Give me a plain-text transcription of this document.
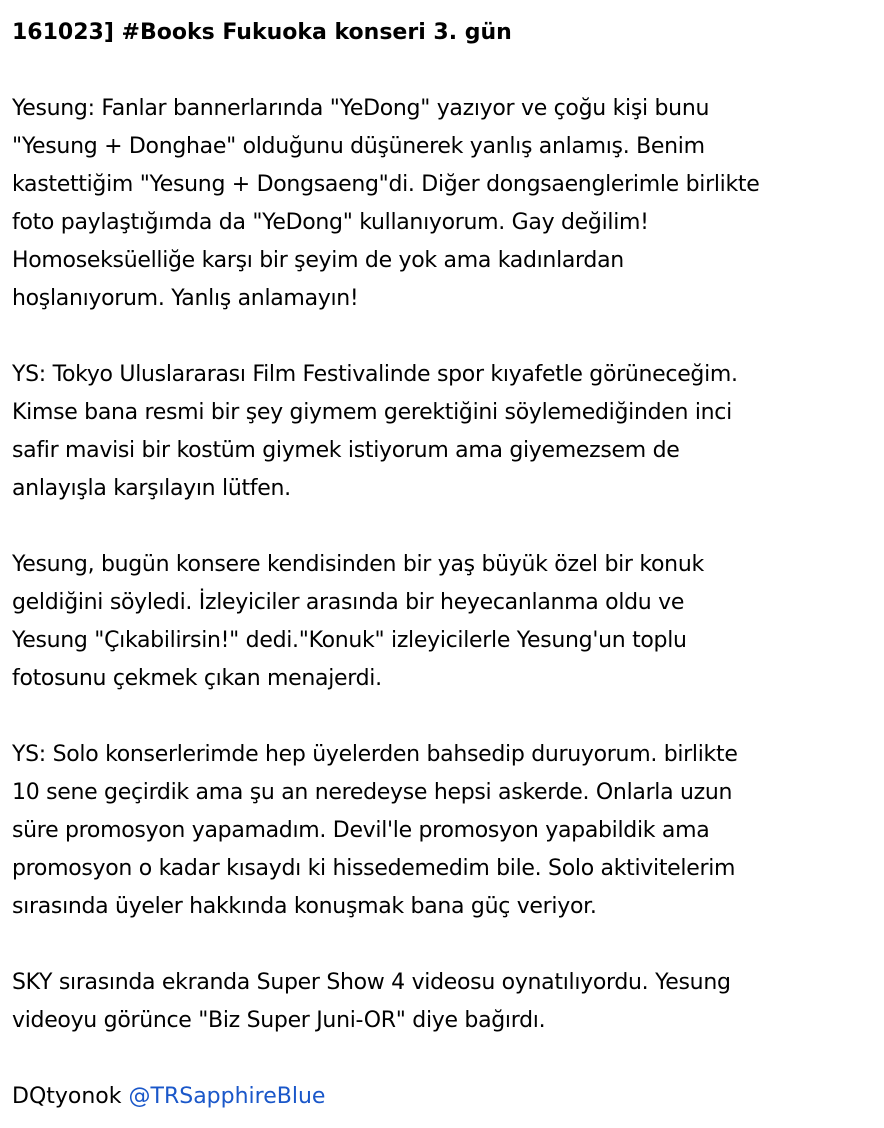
161023] #Books Fukuoka konseri 3. gün
Yesung: Fanlar bannerlarında "YeDong" yazıyor ve çoğu kişi bunu
"Yesung + Donghae" olduğunu düşünerek yanlış anlamış. Benim
kastettiğim "Yesung + Dongsaeng"di. Diğer dongsaenglerimle birlikte
foto paylaştığımda da "YeDong" kullanıyorum. Gay değilim!
Homoseksüelliğe karşı bir şeyim de yok ama kadınlardan
hoşlanıyorum. Yanlış anlamayın!
YS: Tokyo Uluslararası Film Festivalinde spor kıyafetle görüneceğim.
Kimse bana resmi bir şey giymem gerektiğini söylemediğinden inci
safir mavisi bir kostüm giymek istiyorum ama giyemezsem de
anlayışla karşılayın lütfen.
Yesung, bugün konsere kendisinden bir yaş büyük özel bir konuk
geldiğini söyledi. İzleyiciler arasında bir heyecanlanma oldu ve
Yesung "Çıkabilirsin!" dedi."Konuk" izleyicilerle Yesung'un toplu
fotosunu çekmek çıkan menajerdi.
YS: Solo konserlerimde hep üyelerden bahsedip duruyorum. birlikte
10 sene geçirdik ama şu an neredeyse hepsi askerde. Onlarla uzun
süre promosyon yapamadım. Devil'le promosyon yapabildik ama
promosyon o kadar kısaydı ki hissedemedim bile. Solo aktivitelerim
sırasında üyeler hakkında konuşmak bana güç veriyor.
SKY sırasında ekranda Super Show 4 videosu oynatılıyordu. Yesung
videoyu görünce "Biz Super Juni-OR" diye bağırdı.
DQtyonok @TRSapphireBlue
